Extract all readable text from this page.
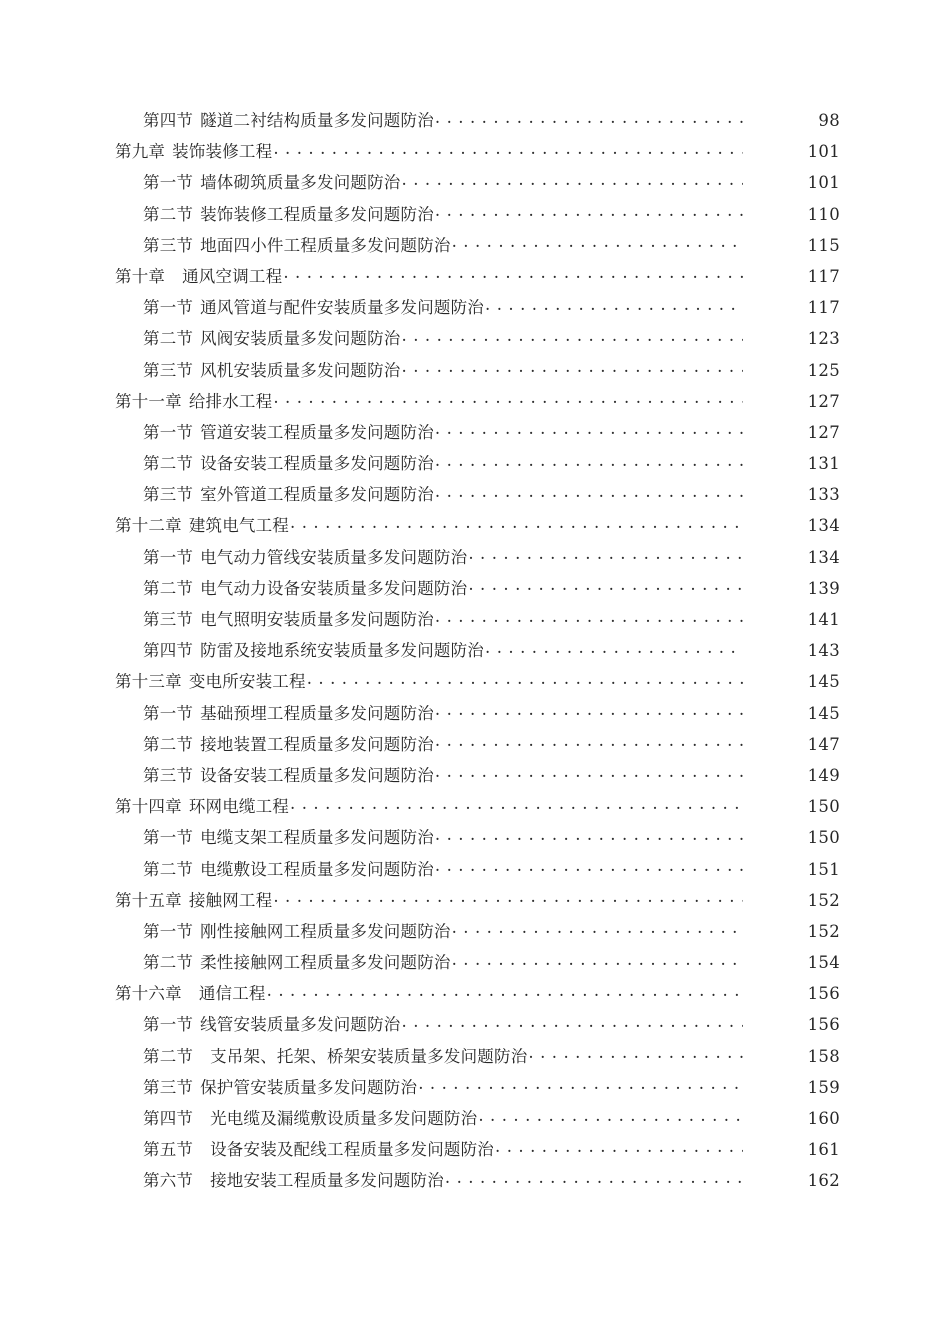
第四节 隧道二衬结构质量多发问题防治 . . .	98
第九章 装饰装修工程 . . .	101
第一节 墙体砌筑质量多发问题防治 . . .	101
第二节 装饰装修工程质量多发问题防治 . . .	110
第三节 地面四小件工程质量多发问题防治 . . .	115
第十章 通风空调工程 . . .	117
第一节 通风管道与配件安装质量多发问题防治 . . .	117
第二节 风阀安装质量多发问题防治 . . .	123
第三节 风机安装质量多发问题防治 . . .	125
第十一章 给排水工程 . . .	127
第一节 管道安装工程质量多发问题防治 . . .	127
第二节 设备安装工程质量多发问题防治 . . .	131
第三节 室外管道工程质量多发问题防治 . . .	133
第十二章 建筑电气工程 . . .	134
第一节 电气动力管线安装质量多发问题防治 . . .	134
第二节 电气动力设备安装质量多发问题防治 . . .	139
第三节 电气照明安装质量多发问题防治 . . .	141
第四节 防雷及接地系统安装质量多发问题防治 . . .	143
第十三章 变电所安装工程 . . .	145
第一节 基础预埋工程质量多发问题防治 . . .	145
第二节 接地装置工程质量多发问题防治 . . .	147
第三节 设备安装工程质量多发问题防治 . . .	149
第十四章 环网电缆工程 . . .	150
第一节 电缆支架工程质量多发问题防治 . . .	150
第二节 电缆敷设工程质量多发问题防治 . . .	151
第十五章 接触网工程 . . .	152
第一节 刚性接触网工程质量多发问题防治 . . .	152
第二节 柔性接触网工程质量多发问题防治 . . .	154
第十六章 通信工程 . . .	156
第一节 线管安装质量多发问题防治 . . .	156
第二节 支吊架、托架、桥架安装质量多发问题防治 . . .	158
第三节 保护管安装质量多发问题防治 . . .	159
第四节 光电缆及漏缆敷设质量多发问题防治 . . .	160
第五节 设备安装及配线工程质量多发问题防治 . . .	161
第六节 接地安装工程质量多发问题防治 . . .	162
